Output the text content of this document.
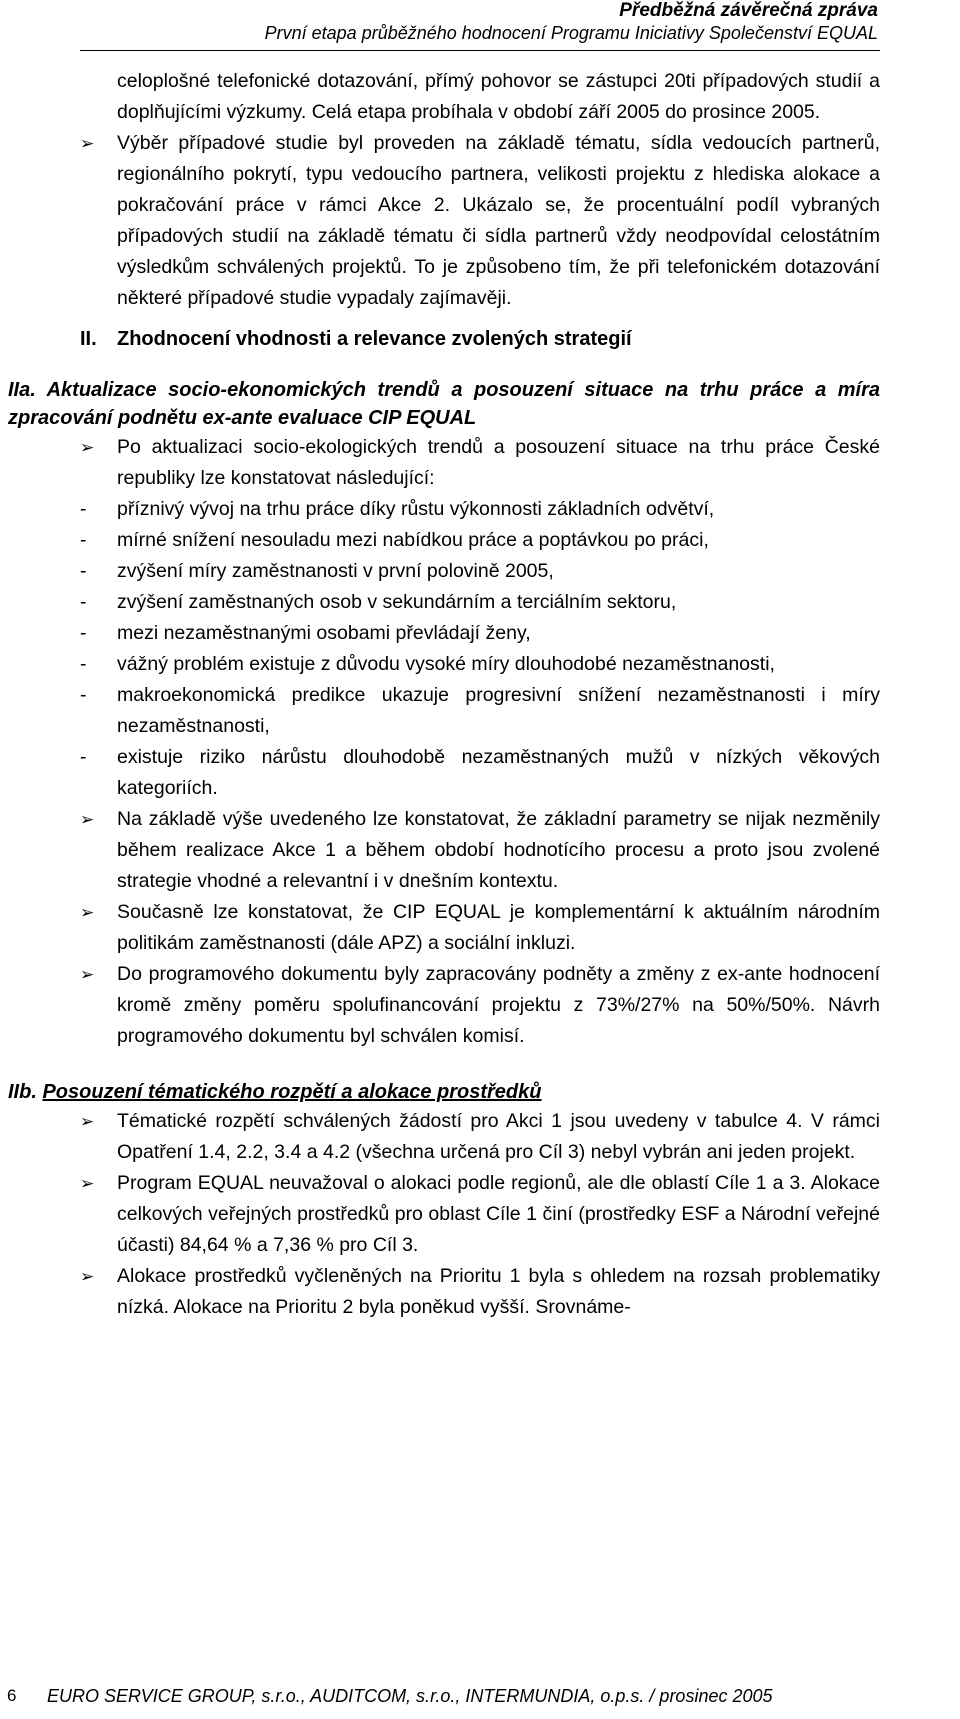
Předběžná závěrečná zpráva
První etapa průběžného hodnocení Programu Iniciativy Společenství EQUAL

celoplošné telefonické dotazování, přímý pohovor se zástupci 20ti případových studií a doplňujícími výzkumy. Celá etapa probíhala v období září 2005 do prosince 2005.

➢ Výběr případové studie byl proveden na základě tématu, sídla vedoucích partnerů, regionálního pokrytí, typu vedoucího partnera, velikosti projektu z hlediska alokace a pokračování práce v rámci Akce 2. Ukázalo se, že procentuální podíl vybraných případových studií na základě tématu či sídla partnerů vždy neodpovídal celostátním výsledkům schválených projektů. To je způsobeno tím, že při telefonickém dotazování některé případové studie vypadaly zajímavěji.
II. Zhodnocení vhodnosti a relevance zvolených strategií
IIa. Aktualizace socio-ekonomických trendů a posouzení situace na trhu práce a míra zpracování podnětu ex-ante evaluace CIP EQUAL
➢ Po aktualizaci socio-ekologických trendů a posouzení situace na trhu práce České republiky lze konstatovat následující:
- příznivý vývoj na trhu práce díky růstu výkonnosti základních odvětví,
- mírné snížení nesouladu mezi nabídkou práce a poptávkou po práci,
- zvýšení míry zaměstnanosti v první polovině 2005,
- zvýšení zaměstnaných osob v sekundárním a terciálním sektoru,
- mezi nezaměstnanými osobami převládají ženy,
- vážný problém existuje z důvodu vysoké míry dlouhodobé nezaměstnanosti,
- makroekonomická predikce ukazuje progresivní snížení nezaměstnanosti i míry nezaměstnanosti,
- existuje riziko nárůstu dlouhodobě nezaměstnaných mužů v nízkých věkových kategoriích.
➢ Na základě výše uvedeného lze konstatovat, že základní parametry se nijak nezměnily během realizace Akce 1 a během období hodnotícího procesu a proto jsou zvolené strategie vhodné a relevantní i v dnešním kontextu.
➢ Současně lze konstatovat, že CIP EQUAL je komplementární k aktuálním národním politikám zaměstnanosti (dále APZ) a sociální inkluzi.
➢ Do programového dokumentu byly zapracovány podněty a změny z ex-ante hodnocení kromě změny poměru spolufinancování projektu z 73%/27% na 50%/50%. Návrh programového dokumentu byl schválen komisí.
IIb. Posouzení tématického rozpětí a alokace prostředků
➢ Tématické rozpětí schválených žádostí pro Akci 1 jsou uvedeny v tabulce 4. V rámci Opatření 1.4, 2.2, 3.4 a 4.2 (všechna určená pro Cíl 3) nebyl vybrán ani jeden projekt.
➢ Program EQUAL neuvažoval o alokaci podle regionů, ale dle oblastí Cíle 1 a 3. Alokace celkových veřejných prostředků pro oblast Cíle 1 činí (prostředky ESF a Národní veřejné účasti) 84,64 % a 7,36 % pro Cíl 3.
➢ Alokace prostředků vyčleněných na Prioritu 1 byla s ohledem na rozsah problematiky nízká. Alokace na Prioritu 2 byla poněkud vyšší. Srovnáme-
6 EURO SERVICE GROUP, s.r.o., AUDITCOM, s.r.o., INTERMUNDIA, o.p.s. / prosinec 2005
